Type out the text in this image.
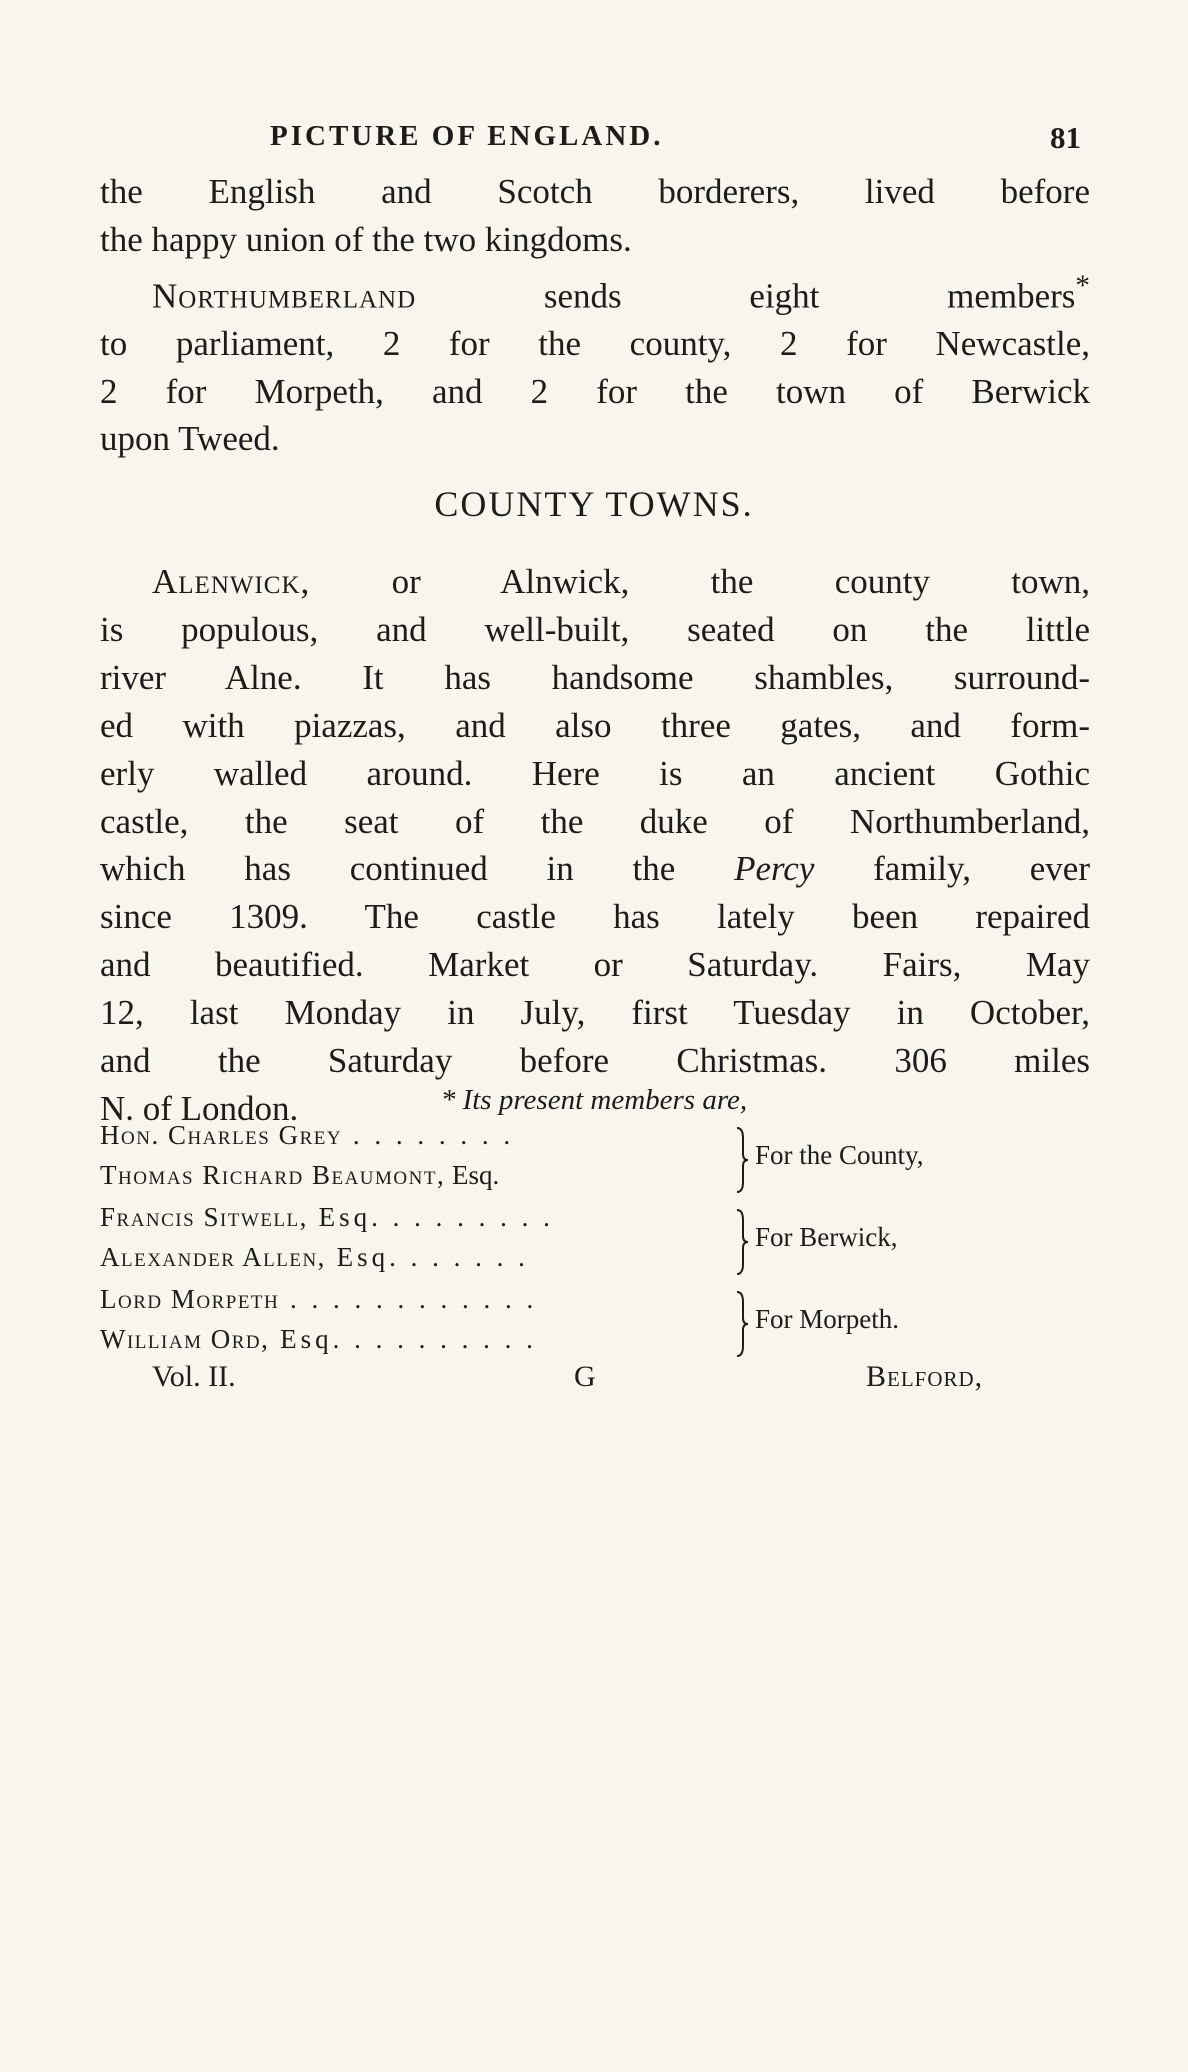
PICTURE OF ENGLAND.	81
the English and Scotch borderers, lived before
the happy union of the two kingdoms.
Northumberland sends eight members*
to parliament, 2 for the county, 2 for Newcastle,
2 for Morpeth, and 2 for the town of Berwick
upon Tweed.
COUNTY TOWNS.
Alenwick, or Alnwick, the county town,
is populous, and well-built, seated on the little
river Alne. It has handsome shambles, surround-
ed with piazzas, and also three gates, and form-
erly walled around. Here is an ancient Gothic
castle, the seat of the duke of Northumberland,
which has continued in the Percy family, ever
since 1309. The castle has lately been repaired
and beautified. Market or Saturday. Fairs, May
12, last Monday in July, first Tuesday in October,
and the Saturday before Christmas. 306 miles
N. of London.	* Its present members are,
Hon. Charles Grey . . . . . . . .
Thomas Richard Beaumont, Esq.
For the County,
Francis Sitwell, Esq. . . . . . . . .
Alexander Allen, Esq. . . . . . .
For Berwick,
Lord Morpeth . . . . . . . . . . . .
William Ord, Esq. . . . . . . . . .
For Morpeth.
Vol. II.	G	Belford,
